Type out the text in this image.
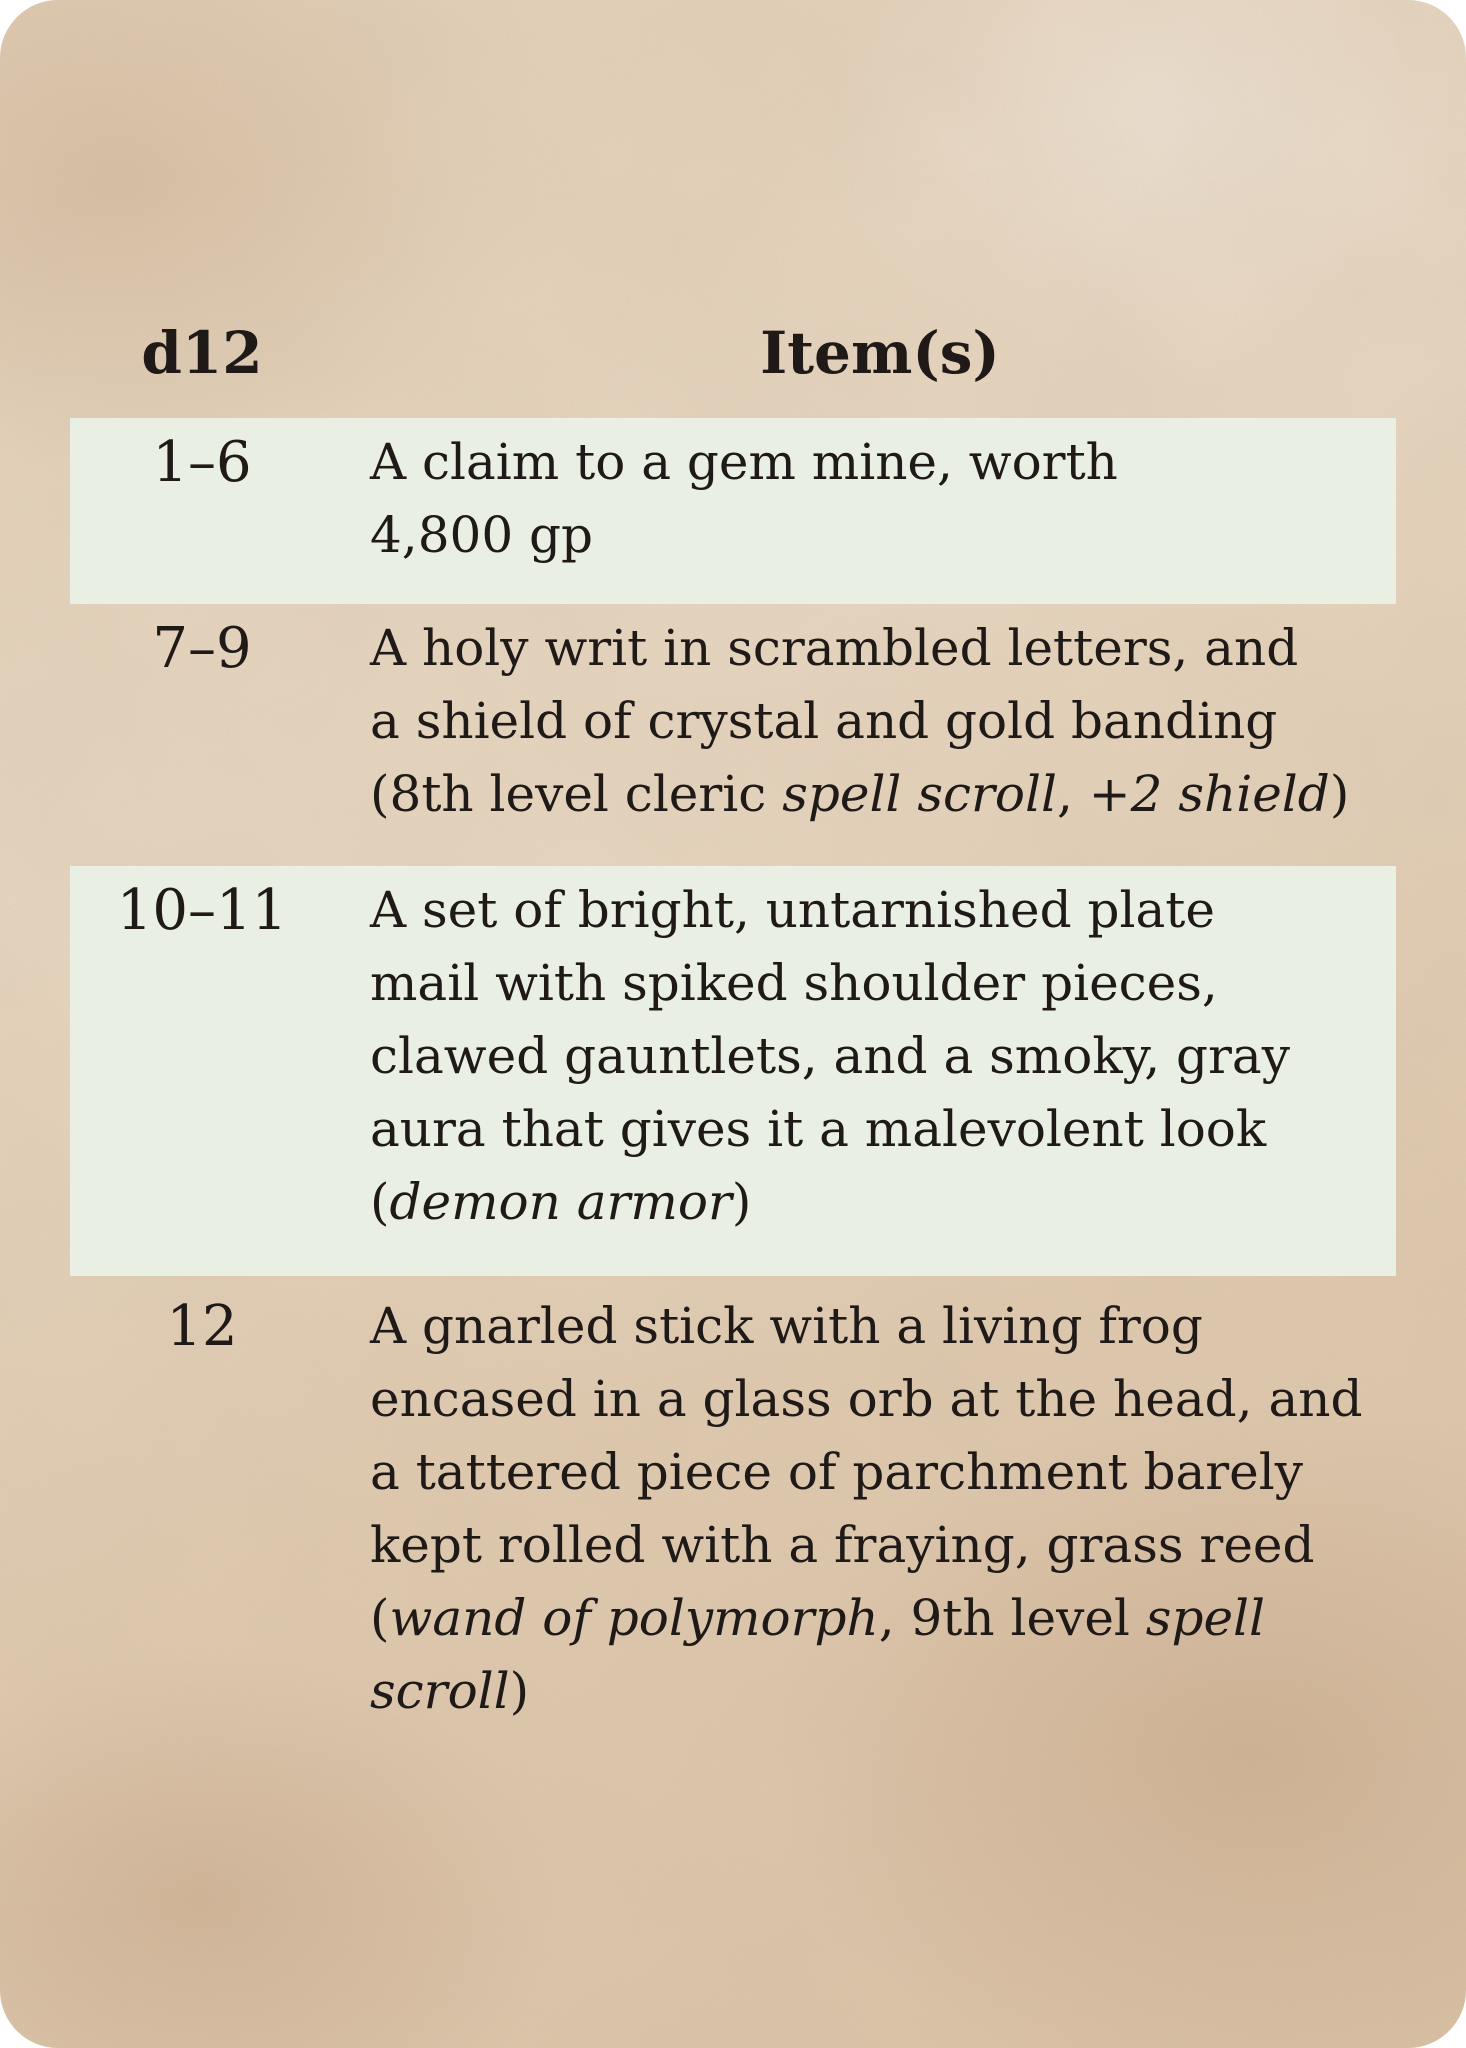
d12	Item(s)
1–6	A claim to a gem mine, worth
4,800 gp
7–9	A holy writ in scrambled letters, and
a shield of crystal and gold banding
(8th level cleric spell scroll, +2 shield)
10–11	A set of bright, untarnished plate
mail with spiked shoulder pieces,
clawed gauntlets, and a smoky, gray
aura that gives it a malevolent look
(demon armor)
12	A gnarled stick with a living frog
encased in a glass orb at the head, and
a tattered piece of parchment barely
kept rolled with a fraying, grass reed
(wand of polymorph, 9th level spell
scroll)
